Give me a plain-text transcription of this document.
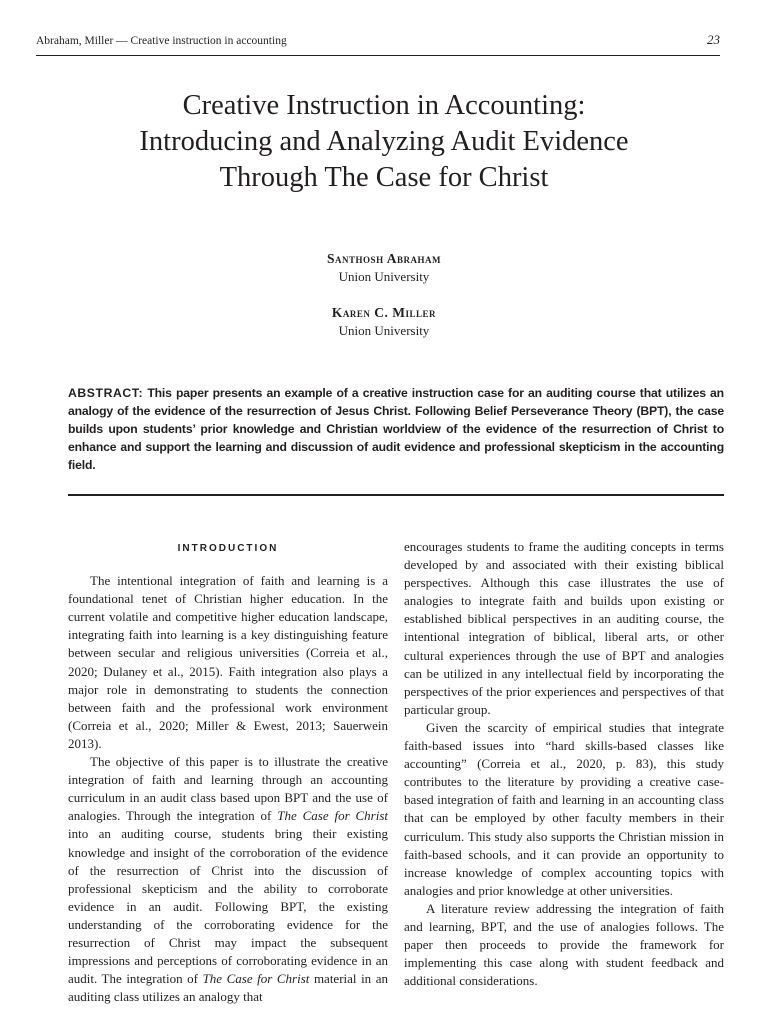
Abraham, Miller — Creative instruction in accounting	23
Creative Instruction in Accounting:
Introducing and Analyzing Audit Evidence
Through The Case for Christ
Santhosh Abraham
Union University
Karen C. Miller
Union University
ABSTRACT: This paper presents an example of a creative instruction case for an auditing course that utilizes an analogy of the evidence of the resurrection of Jesus Christ. Following Belief Perseverance Theory (BPT), the case builds upon students’ prior knowledge and Christian worldview of the evidence of the resurrection of Christ to enhance and support the learning and discussion of audit evidence and professional skepticism in the accounting field.
INTRODUCTION

The intentional integration of faith and learning is a foundational tenet of Christian higher education. In the current volatile and competitive higher education landscape, integrating faith into learning is a key distinguishing feature between secular and religious universities (Correia et al., 2020; Dulaney et al., 2015). Faith integration also plays a major role in demonstrating to students the connection between faith and the professional work environment (Correia et al., 2020; Miller & Ewest, 2013; Sauerwein 2013).

The objective of this paper is to illustrate the creative integration of faith and learning through an accounting curriculum in an audit class based upon BPT and the use of analogies. Through the integration of The Case for Christ into an auditing course, students bring their existing knowledge and insight of the corroboration of the evidence of the resurrection of Christ into the discussion of professional skepticism and the ability to corroborate evidence in an audit. Following BPT, the existing understanding of the corroborating evidence for the resurrection of Christ may impact the subsequent impressions and perceptions of corroborating evidence in an audit. The integration of The Case for Christ material in an auditing class utilizes an analogy that

encourages students to frame the auditing concepts in terms developed by and associated with their existing biblical perspectives. Although this case illustrates the use of analogies to integrate faith and builds upon existing or established biblical perspectives in an auditing course, the intentional integration of biblical, liberal arts, or other cultural experiences through the use of BPT and analogies can be utilized in any intellectual field by incorporating the perspectives of the prior experiences and perspectives of that particular group.

Given the scarcity of empirical studies that integrate faith-based issues into “hard skills-based classes like accounting” (Correia et al., 2020, p. 83), this study contributes to the literature by providing a creative case-based integration of faith and learning in an accounting class that can be employed by other faculty members in their curriculum. This study also supports the Christian mission in faith-based schools, and it can provide an opportunity to increase knowledge of complex accounting topics with analogies and prior knowledge at other universities.

A literature review addressing the integration of faith and learning, BPT, and the use of analogies follows. The paper then proceeds to provide the framework for implementing this case along with student feedback and additional considerations.
